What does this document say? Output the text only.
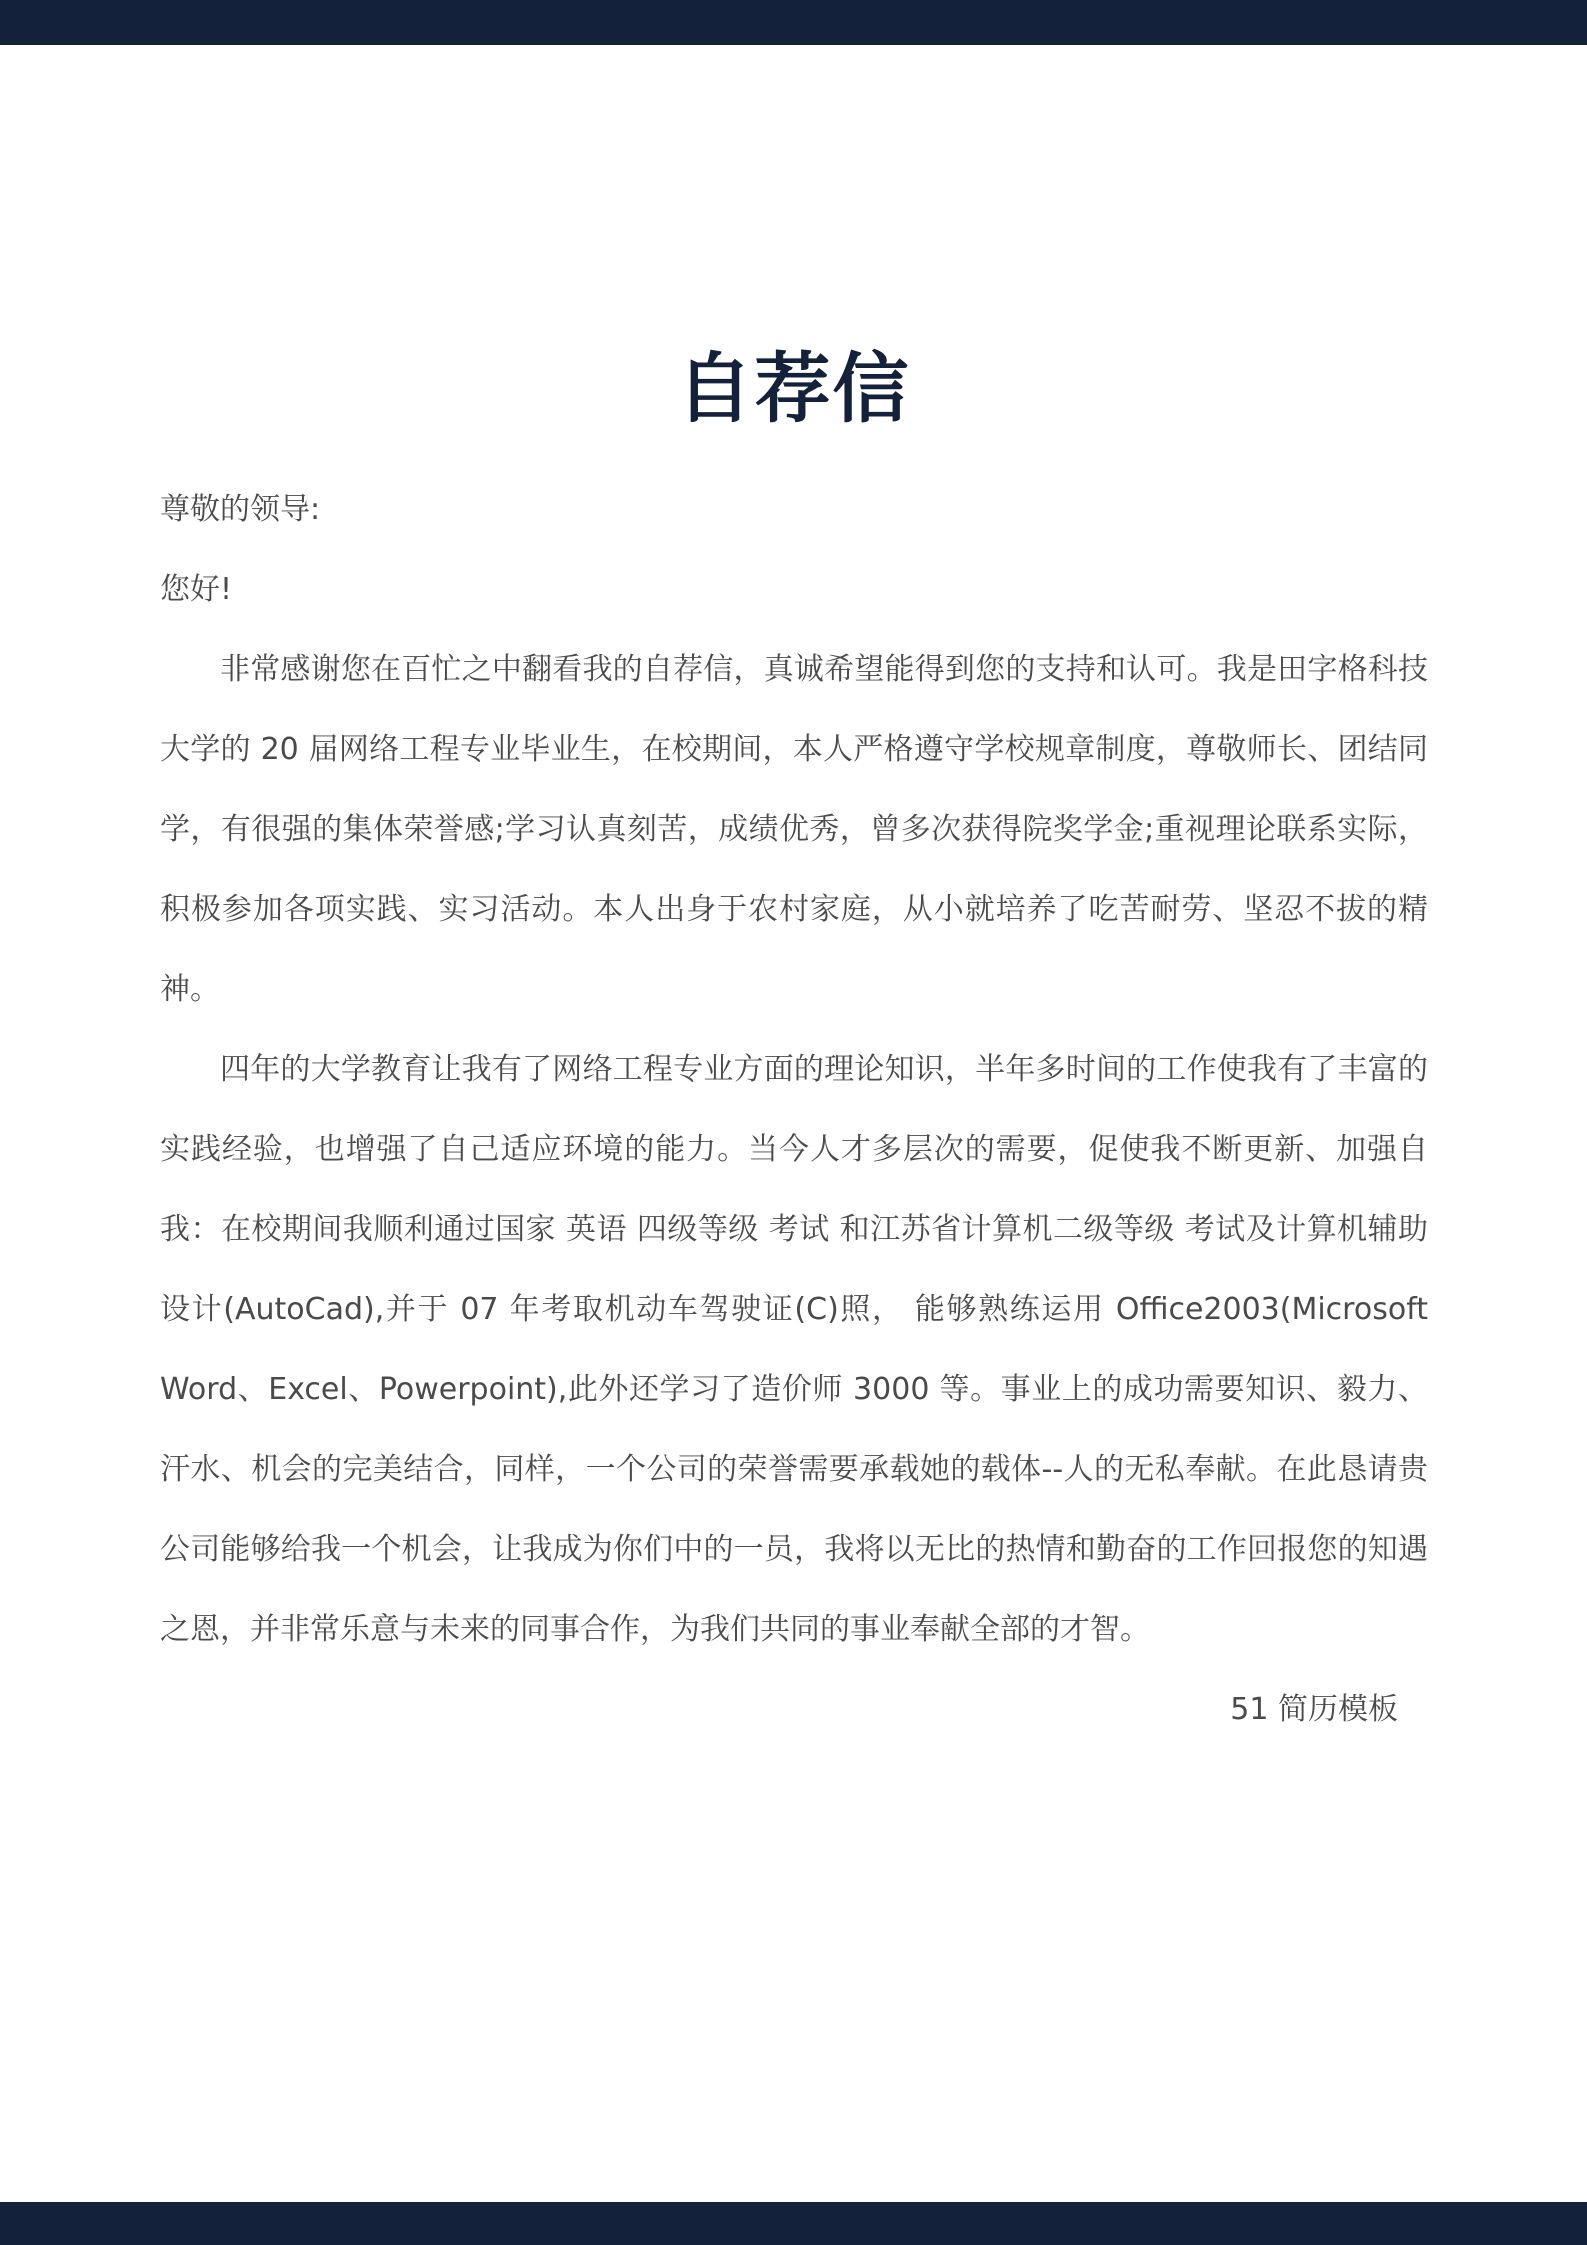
自荐信

尊敬的领导:

您好!

非常感谢您在百忙之中翻看我的自荐信，真诚希望能得到您的支持和认可。我是田字格科技大学的 20 届网络工程专业毕业生，在校期间，本人严格遵守学校规章制度，尊敬师长、团结同学，有很强的集体荣誉感;学习认真刻苦，成绩优秀，曾多次获得院奖学金;重视理论联系实际，积极参加各项实践、实习活动。本人出身于农村家庭，从小就培养了吃苦耐劳、坚忍不拔的精神。

四年的大学教育让我有了网络工程专业方面的理论知识，半年多时间的工作使我有了丰富的实践经验，也增强了自己适应环境的能力。当今人才多层次的需要，促使我不断更新、加强自我：在校期间我顺利通过国家 英语 四级等级 考试 和江苏省计算机二级等级 考试及计算机辅助设计(AutoCad),并于 07 年考取机动车驾驶证(C)照， 能够熟练运用 Office2003(Microsoft Word、Excel、Powerpoint),此外还学习了造价师 3000 等。事业上的成功需要知识、毅力、汗水、机会的完美结合，同样，一个公司的荣誉需要承载她的载体--人的无私奉献。在此恳请贵公司能够给我一个机会，让我成为你们中的一员，我将以无比的热情和勤奋的工作回报您的知遇之恩，并非常乐意与未来的同事合作，为我们共同的事业奉献全部的才智。

51 简历模板
